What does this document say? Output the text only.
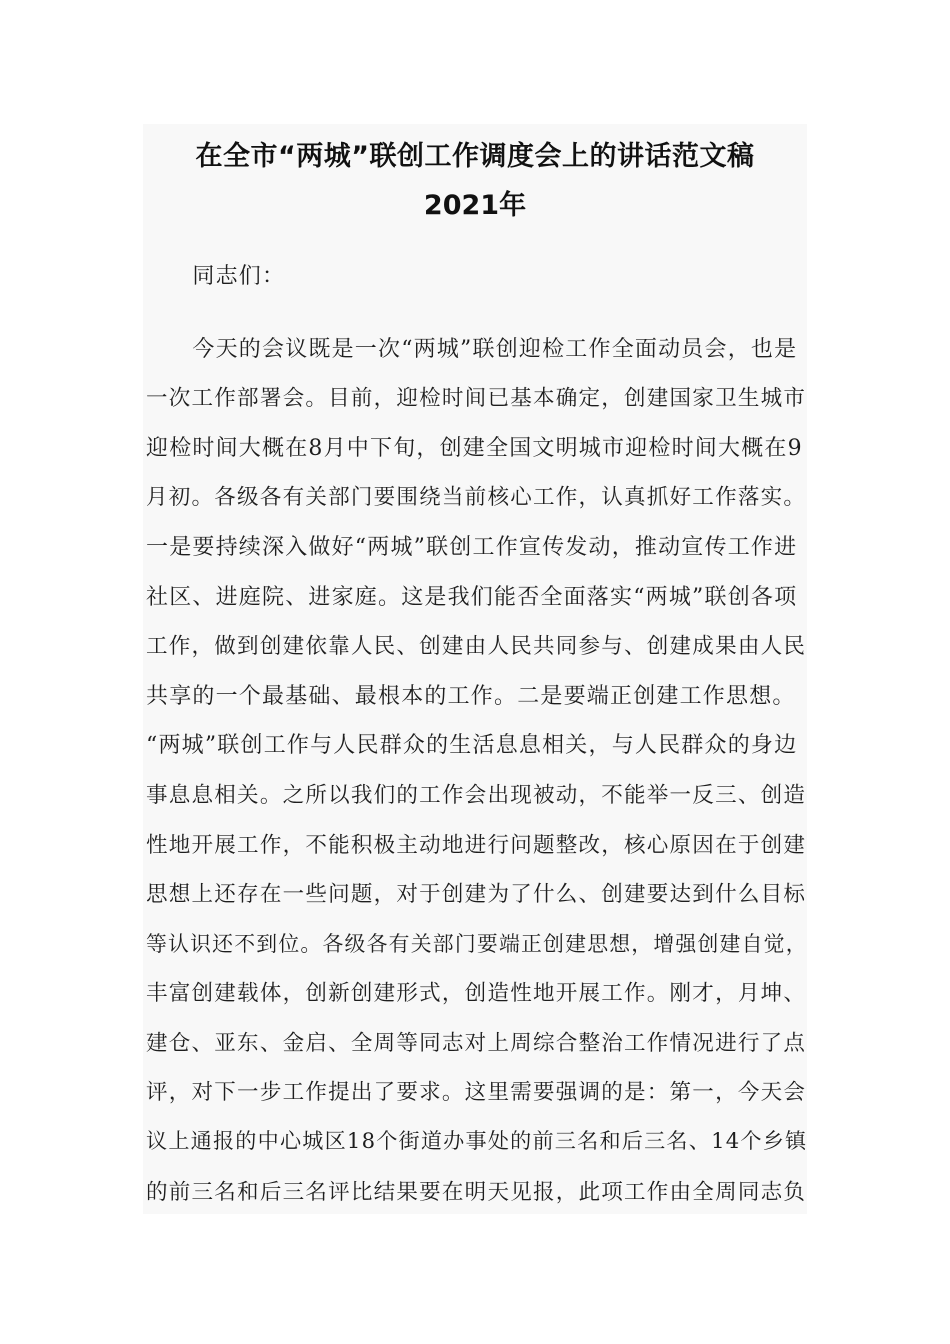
在全市“两城”联创工作调度会上的讲话范文稿
2021年
　　同志们：
　　今天的会议既是一次“两城”联创迎检工作全面动员会，也是
一次工作部署会。目前，迎检时间已基本确定，创建国家卫生城市
迎检时间大概在8月中下旬，创建全国文明城市迎检时间大概在9
月初。各级各有关部门要围绕当前核心工作，认真抓好工作落实。
一是要持续深入做好“两城”联创工作宣传发动，推动宣传工作进
社区、进庭院、进家庭。这是我们能否全面落实“两城”联创各项
工作，做到创建依靠人民、创建由人民共同参与、创建成果由人民
共享的一个最基础、最根本的工作。二是要端正创建工作思想。
“两城”联创工作与人民群众的生活息息相关，与人民群众的身边
事息息相关。之所以我们的工作会出现被动，不能举一反三、创造
性地开展工作，不能积极主动地进行问题整改，核心原因在于创建
思想上还存在一些问题，对于创建为了什么、创建要达到什么目标
等认识还不到位。各级各有关部门要端正创建思想，增强创建自觉，
丰富创建载体，创新创建形式，创造性地开展工作。刚才，月坤、
建仓、亚东、金启、全周等同志对上周综合整治工作情况进行了点
评，对下一步工作提出了要求。这里需要强调的是：第一，今天会
议上通报的中心城区18个街道办事处的前三名和后三名、14个乡镇
的前三名和后三名评比结果要在明天见报，此项工作由全周同志负
